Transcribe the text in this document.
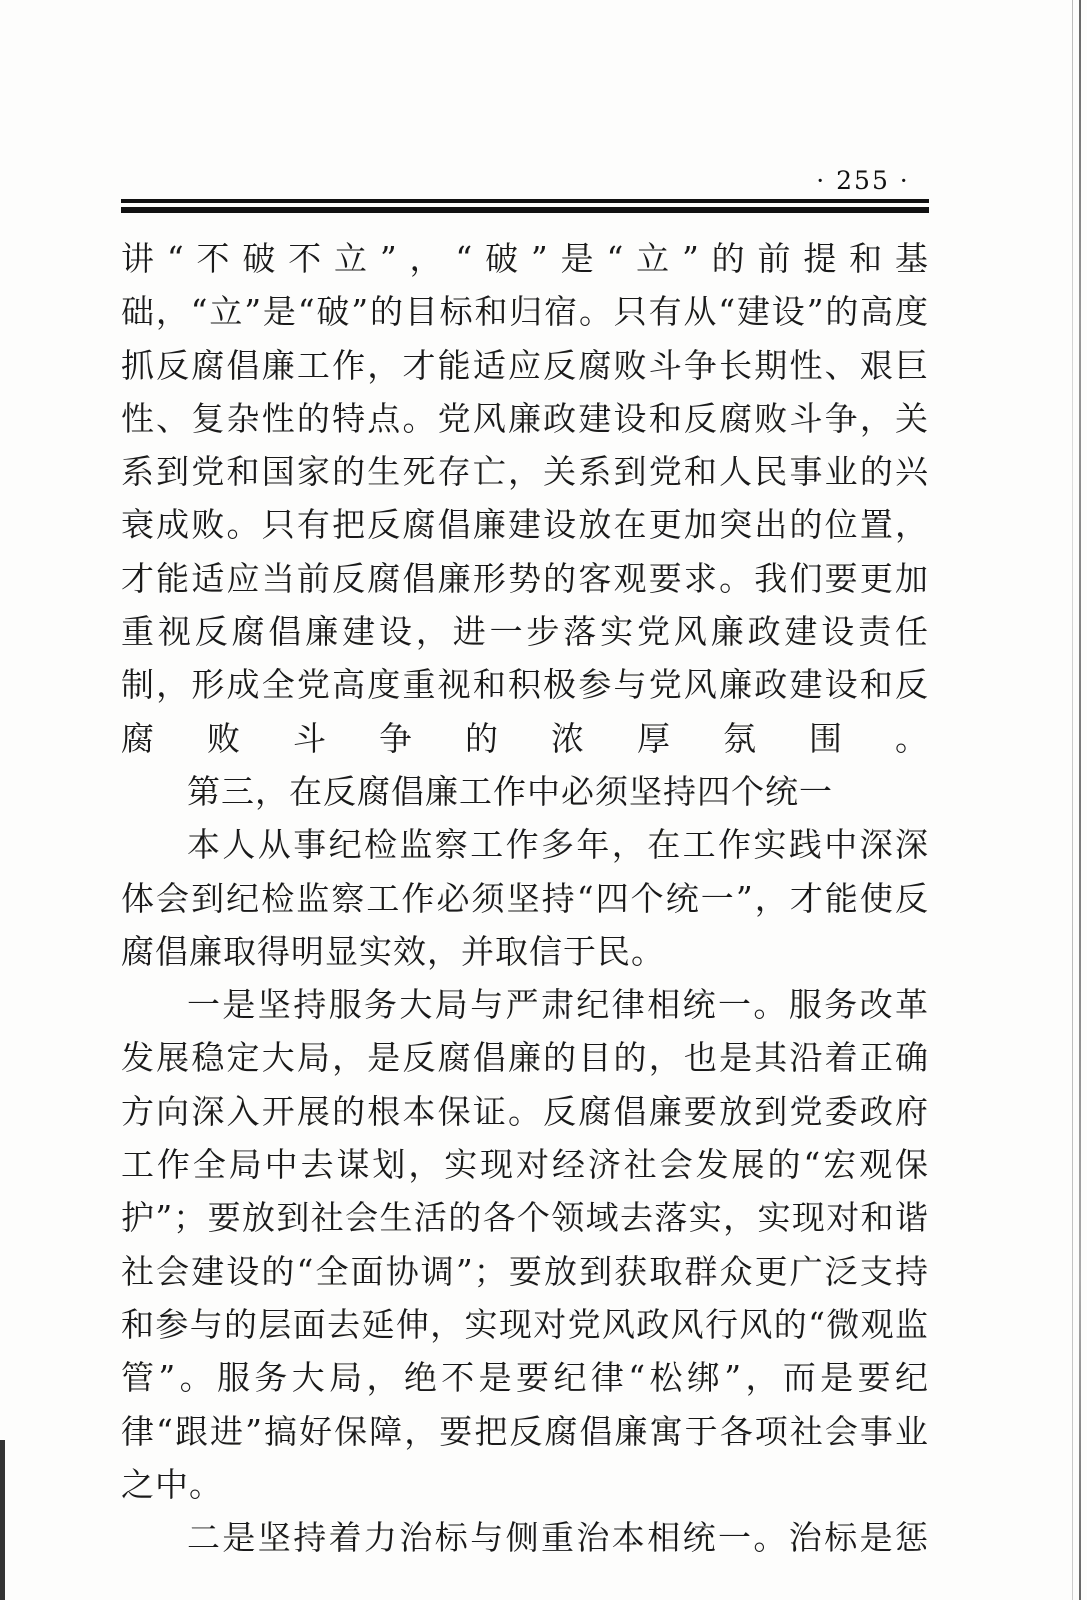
· 255 ·

讲“不破不立”，“破”是“立”的前提和基础，“立”是“破”的目标和归宿。只有从“建设”的高度抓反腐倡廉工作，才能适应反腐败斗争长期性、艰巨性、复杂性的特点。党风廉政建设和反腐败斗争，关系到党和国家的生死存亡，关系到党和人民事业的兴衰成败。只有把反腐倡廉建设放在更加突出的位置，才能适应当前反腐倡廉形势的客观要求。我们要更加重视反腐倡廉建设，进一步落实党风廉政建设责任制，形成全党高度重视和积极参与党风廉政建设和反腐败斗争的浓厚氛围。

第三，在反腐倡廉工作中必须坚持四个统一

本人从事纪检监察工作多年，在工作实践中深深体会到纪检监察工作必须坚持“四个统一”，才能使反腐倡廉取得明显实效，并取信于民。

一是坚持服务大局与严肃纪律相统一。服务改革发展稳定大局，是反腐倡廉的目的，也是其沿着正确方向深入开展的根本保证。反腐倡廉要放到党委政府工作全局中去谋划，实现对经济社会发展的“宏观保护”；要放到社会生活的各个领域去落实，实现对和谐社会建设的“全面协调”；要放到获取群众更广泛支持和参与的层面去延伸，实现对党风政风行风的“微观监管”。服务大局，绝不是要纪律“松绑”，而是要纪律“跟进”搞好保障，要把反腐倡廉寓于各项社会事业之中。

二是坚持着力治标与侧重治本相统一。治标是惩
